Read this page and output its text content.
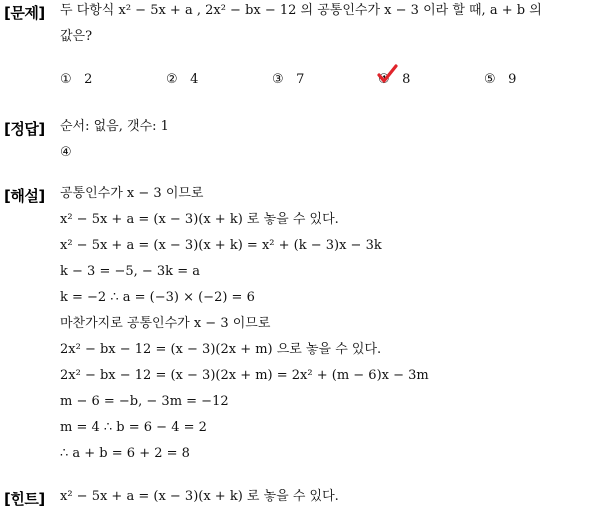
[문제] 두 다항식 x² − 5x + a , 2x² − bx − 12 의 공통인수가 x − 3 이라 할 때, a + b 의
값은?
① 2	② 4	③ 7	④ 8	⑤ 9
[정답] 순서: 없음, 갯수: 1
④
[해설] 공통인수가 x − 3 이므로
x² − 5x + a = (x − 3)(x + k) 로 놓을 수 있다.
x² − 5x + a = (x − 3)(x + k) = x² + (k − 3)x − 3k
k − 3 = −5, − 3k = a
k = −2 ∴ a = (−3) × (−2) = 6
마찬가지로 공통인수가 x − 3 이므로
2x² − bx − 12 = (x − 3)(2x + m) 으로 놓을 수 있다.
2x² − bx − 12 = (x − 3)(2x + m) = 2x² + (m − 6)x − 3m
m − 6 = −b, − 3m = −12
m = 4 ∴ b = 6 − 4 = 2
∴ a + b = 6 + 2 = 8
[힌트] x² − 5x + a = (x − 3)(x + k) 로 놓을 수 있다.
